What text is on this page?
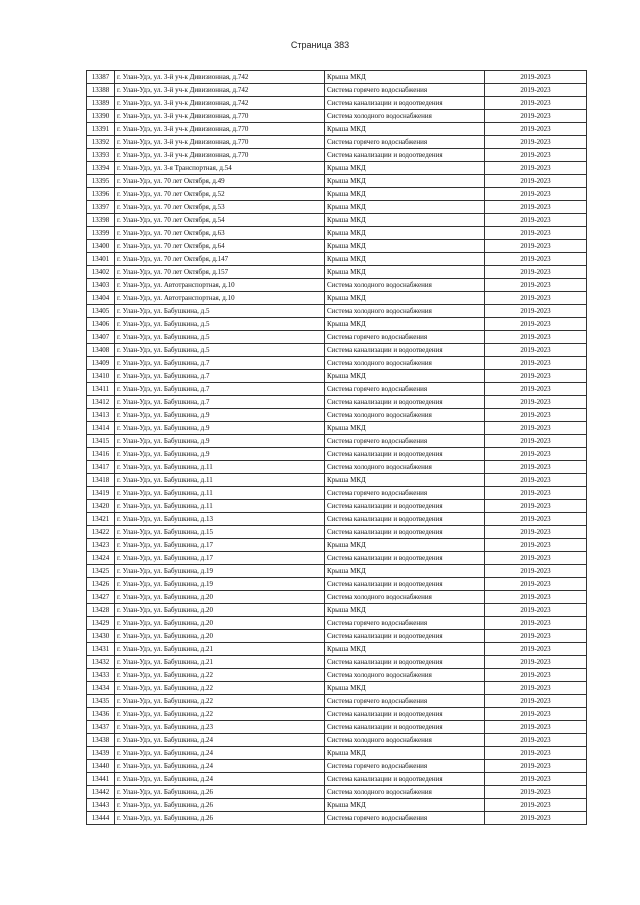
Страница 383
13387	г. Улан-Удэ, ул. 3-й уч-к Дивизионная, д.742	Крыша МКД	2019-2023
13388	г. Улан-Удэ, ул. 3-й уч-к Дивизионная, д.742	Система горячего водоснабжения	2019-2023
13389	г. Улан-Удэ, ул. 3-й уч-к Дивизионная, д.742	Система канализации и водоотведения	2019-2023
13390	г. Улан-Удэ, ул. 3-й уч-к Дивизионная, д.770	Система холодного водоснабжения	2019-2023
13391	г. Улан-Удэ, ул. 3-й уч-к Дивизионная, д.770	Крыша МКД	2019-2023
13392	г. Улан-Удэ, ул. 3-й уч-к Дивизионная, д.770	Система горячего водоснабжения	2019-2023
13393	г. Улан-Удэ, ул. 3-й уч-к Дивизионная, д.770	Система канализации и водоотведения	2019-2023
13394	г. Улан-Удэ, ул. 3-я Транспортная, д.54	Крыша МКД	2019-2023
13395	г. Улан-Удэ, ул. 70 лет Октября, д.49	Крыша МКД	2019-2023
13396	г. Улан-Удэ, ул. 70 лет Октября, д.52	Крыша МКД	2019-2023
13397	г. Улан-Удэ, ул. 70 лет Октября, д.53	Крыша МКД	2019-2023
13398	г. Улан-Удэ, ул. 70 лет Октября, д.54	Крыша МКД	2019-2023
13399	г. Улан-Удэ, ул. 70 лет Октября, д.63	Крыша МКД	2019-2023
13400	г. Улан-Удэ, ул. 70 лет Октября, д.64	Крыша МКД	2019-2023
13401	г. Улан-Удэ, ул. 70 лет Октября, д.147	Крыша МКД	2019-2023
13402	г. Улан-Удэ, ул. 70 лет Октября, д.157	Крыша МКД	2019-2023
13403	г. Улан-Удэ, ул. Автотранспортная, д.10	Система холодного водоснабжения	2019-2023
13404	г. Улан-Удэ, ул. Автотранспортная, д.10	Крыша МКД	2019-2023
13405	г. Улан-Удэ, ул. Бабушкина, д.5	Система холодного водоснабжения	2019-2023
13406	г. Улан-Удэ, ул. Бабушкина, д.5	Крыша МКД	2019-2023
13407	г. Улан-Удэ, ул. Бабушкина, д.5	Система горячего водоснабжения	2019-2023
13408	г. Улан-Удэ, ул. Бабушкина, д.5	Система канализации и водоотведения	2019-2023
13409	г. Улан-Удэ, ул. Бабушкина, д.7	Система холодного водоснабжения	2019-2023
13410	г. Улан-Удэ, ул. Бабушкина, д.7	Крыша МКД	2019-2023
13411	г. Улан-Удэ, ул. Бабушкина, д.7	Система горячего водоснабжения	2019-2023
13412	г. Улан-Удэ, ул. Бабушкина, д.7	Система канализации и водоотведения	2019-2023
13413	г. Улан-Удэ, ул. Бабушкина, д.9	Система холодного водоснабжения	2019-2023
13414	г. Улан-Удэ, ул. Бабушкина, д.9	Крыша МКД	2019-2023
13415	г. Улан-Удэ, ул. Бабушкина, д.9	Система горячего водоснабжения	2019-2023
13416	г. Улан-Удэ, ул. Бабушкина, д.9	Система канализации и водоотведения	2019-2023
13417	г. Улан-Удэ, ул. Бабушкина, д.11	Система холодного водоснабжения	2019-2023
13418	г. Улан-Удэ, ул. Бабушкина, д.11	Крыша МКД	2019-2023
13419	г. Улан-Удэ, ул. Бабушкина, д.11	Система горячего водоснабжения	2019-2023
13420	г. Улан-Удэ, ул. Бабушкина, д.11	Система канализации и водоотведения	2019-2023
13421	г. Улан-Удэ, ул. Бабушкина, д.13	Система канализации и водоотведения	2019-2023
13422	г. Улан-Удэ, ул. Бабушкина, д.15	Система канализации и водоотведения	2019-2023
13423	г. Улан-Удэ, ул. Бабушкина, д.17	Крыша МКД	2019-2023
13424	г. Улан-Удэ, ул. Бабушкина, д.17	Система канализации и водоотведения	2019-2023
13425	г. Улан-Удэ, ул. Бабушкина, д.19	Крыша МКД	2019-2023
13426	г. Улан-Удэ, ул. Бабушкина, д.19	Система канализации и водоотведения	2019-2023
13427	г. Улан-Удэ, ул. Бабушкина, д.20	Система холодного водоснабжения	2019-2023
13428	г. Улан-Удэ, ул. Бабушкина, д.20	Крыша МКД	2019-2023
13429	г. Улан-Удэ, ул. Бабушкина, д.20	Система горячего водоснабжения	2019-2023
13430	г. Улан-Удэ, ул. Бабушкина, д.20	Система канализации и водоотведения	2019-2023
13431	г. Улан-Удэ, ул. Бабушкина, д.21	Крыша МКД	2019-2023
13432	г. Улан-Удэ, ул. Бабушкина, д.21	Система канализации и водоотведения	2019-2023
13433	г. Улан-Удэ, ул. Бабушкина, д.22	Система холодного водоснабжения	2019-2023
13434	г. Улан-Удэ, ул. Бабушкина, д.22	Крыша МКД	2019-2023
13435	г. Улан-Удэ, ул. Бабушкина, д.22	Система горячего водоснабжения	2019-2023
13436	г. Улан-Удэ, ул. Бабушкина, д.22	Система канализации и водоотведения	2019-2023
13437	г. Улан-Удэ, ул. Бабушкина, д.23	Система канализации и водоотведения	2019-2023
13438	г. Улан-Удэ, ул. Бабушкина, д.24	Система холодного водоснабжения	2019-2023
13439	г. Улан-Удэ, ул. Бабушкина, д.24	Крыша МКД	2019-2023
13440	г. Улан-Удэ, ул. Бабушкина, д.24	Система горячего водоснабжения	2019-2023
13441	г. Улан-Удэ, ул. Бабушкина, д.24	Система канализации и водоотведения	2019-2023
13442	г. Улан-Удэ, ул. Бабушкина, д.26	Система холодного водоснабжения	2019-2023
13443	г. Улан-Удэ, ул. Бабушкина, д.26	Крыша МКД	2019-2023
13444	г. Улан-Удэ, ул. Бабушкина, д.26	Система горячего водоснабжения	2019-2023
